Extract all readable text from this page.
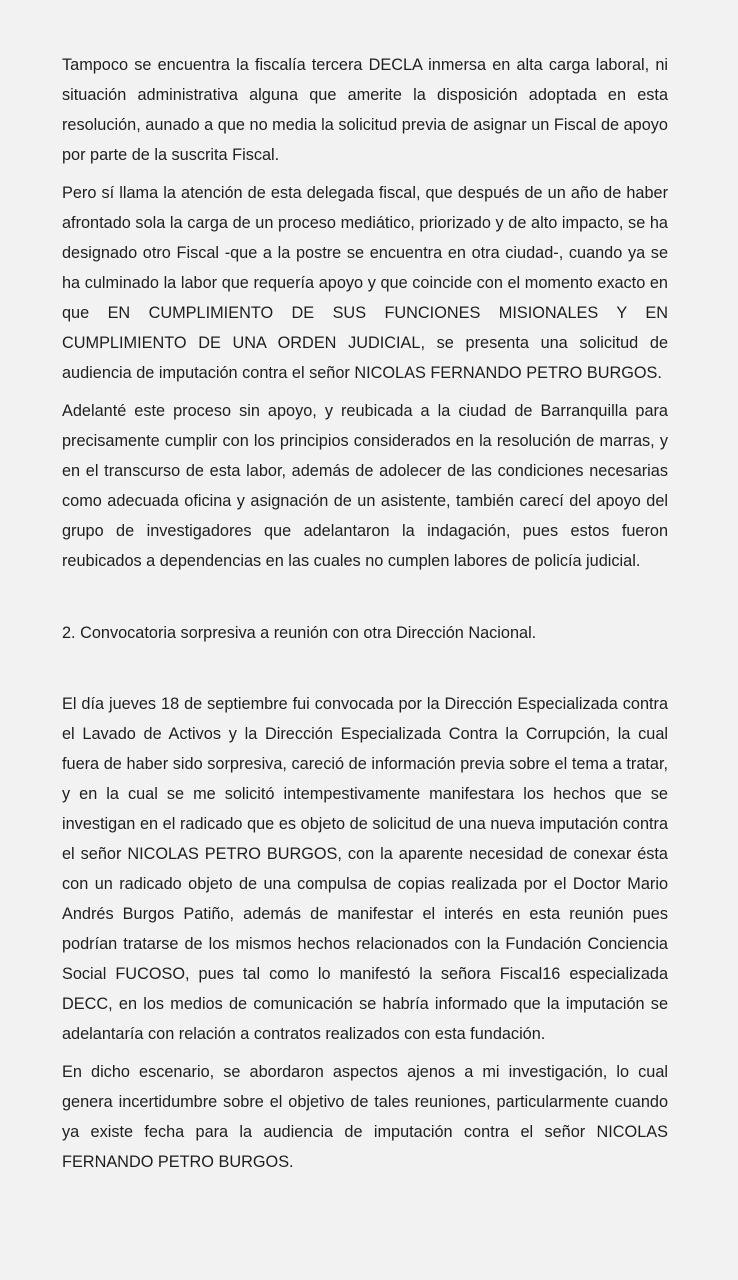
Tampoco se encuentra la fiscalía tercera DECLA inmersa en alta carga laboral, ni situación administrativa alguna que amerite la disposición adoptada en esta resolución, aunado a que no media la solicitud previa de asignar un Fiscal de apoyo por parte de la suscrita Fiscal.

Pero sí llama la atención de esta delegada fiscal, que después de un año de haber afrontado sola la carga de un proceso mediático, priorizado y de alto impacto, se ha designado otro Fiscal -que a la postre se encuentra en otra ciudad-, cuando ya se ha culminado la labor que requería apoyo y que coincide con el momento exacto en que EN CUMPLIMIENTO DE SUS FUNCIONES MISIONALES Y EN CUMPLIMIENTO DE UNA ORDEN JUDICIAL, se presenta una solicitud de audiencia de imputación contra el señor NICOLAS FERNANDO PETRO BURGOS.

Adelanté este proceso sin apoyo, y reubicada a la ciudad de Barranquilla para precisamente cumplir con los principios considerados en la resolución de marras, y en el transcurso de esta labor, además de adolecer de las condiciones necesarias como adecuada oficina y asignación de un asistente, también carecí del apoyo del grupo de investigadores que adelantaron la indagación, pues estos fueron reubicados a dependencias en las cuales no cumplen labores de policía judicial.

2. Convocatoria sorpresiva a reunión con otra Dirección Nacional.

El día jueves 18 de septiembre fui convocada por la Dirección Especializada contra el Lavado de Activos y la Dirección Especializada Contra la Corrupción, la cual fuera de haber sido sorpresiva, careció de información previa sobre el tema a tratar, y en la cual se me solicitó intempestivamente manifestara los hechos que se investigan en el radicado que es objeto de solicitud de una nueva imputación contra el señor NICOLAS PETRO BURGOS, con la aparente necesidad de conexar ésta con un radicado objeto de una compulsa de copias realizada por el Doctor Mario Andrés Burgos Patiño, además de manifestar el interés en esta reunión pues podrían tratarse de los mismos hechos relacionados con la Fundación Conciencia Social FUCOSO, pues tal como lo manifestó la señora Fiscal16 especializada DECC, en los medios de comunicación se habría informado que la imputación se adelantaría con relación a contratos realizados con esta fundación.

En dicho escenario, se abordaron aspectos ajenos a mi investigación, lo cual genera incertidumbre sobre el objetivo de tales reuniones, particularmente cuando ya existe fecha para la audiencia de imputación contra el señor NICOLAS FERNANDO PETRO BURGOS.
